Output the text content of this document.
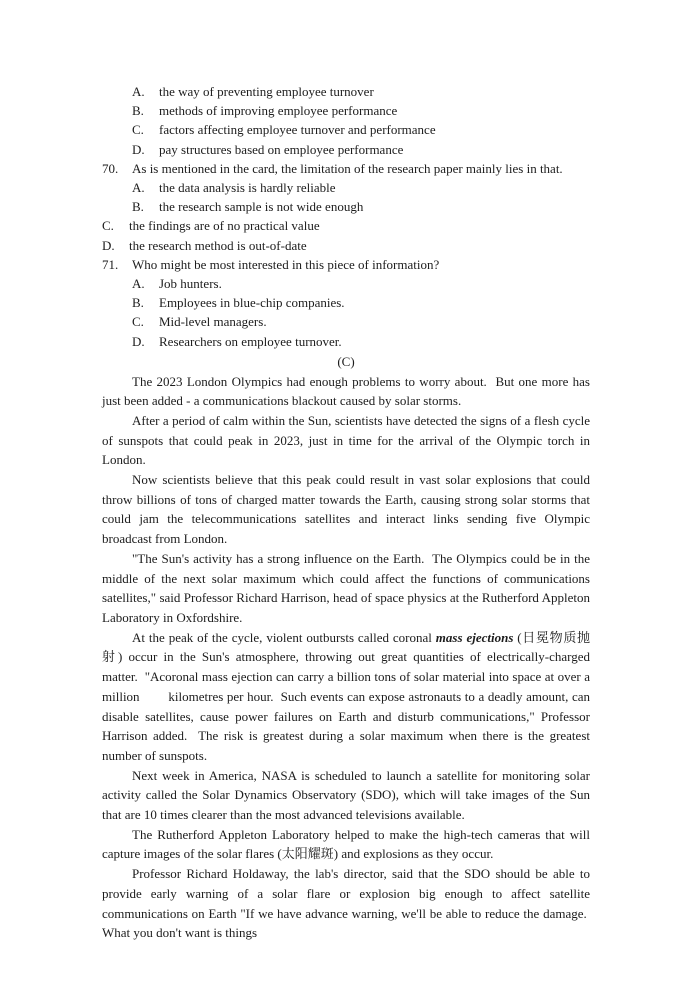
A. the way of preventing employee turnover
B. methods of improving employee performance
C. factors affecting employee turnover and performance
D. pay structures based on employee performance
70. As is mentioned in the card, the limitation of the research paper mainly lies in that.
A. the data analysis is hardly reliable
B. the research sample is not wide enough
C. the findings are of no practical value
D. the research method is out-of-date
71. Who might be most interested in this piece of information?
A. Job hunters.
B. Employees in blue-chip companies.
C. Mid-level managers.
D. Researchers on employee turnover.
(C)

The 2023 London Olympics had enough problems to worry about.  But one more has just been added - a communications blackout caused by solar storms.

After a period of calm within the Sun, scientists have detected the signs of a flesh cycle of sunspots that could peak in 2023, just in time for the arrival of the Olympic torch in London.

Now scientists believe that this peak could result in vast solar explosions that could throw billions of tons of charged matter towards the Earth, causing strong solar storms that could jam the telecommunications satellites and interact links sending five Olympic broadcast from London.

"The Sun's activity has a strong influence on the Earth.  The Olympics could be in the middle of the next solar maximum which could affect the functions of communications satellites," said Professor Richard Harrison, head of space physics at the Rutherford Appleton Laboratory in Oxfordshire.

At the peak of the cycle, violent outbursts called coronal mass ejections (日冕物质抛射) occur in the Sun's atmosphere, throwing out great quantities of electrically-charged matter.  "Acoronal mass ejection can carry a billion tons of solar material into space at over a million        kilometres per hour.  Such events can expose astronauts to a deadly amount, can disable satellites, cause power failures on Earth and disturb communications," Professor Harrison added.  The risk is greatest during a solar maximum when there is the greatest number of sunspots.

Next week in America, NASA is scheduled to launch a satellite for monitoring solar activity called the Solar Dynamics Observatory (SDO), which will take images of the Sun that are 10 times clearer than the most advanced televisions available.

The Rutherford Appleton Laboratory helped to make the high-tech cameras that will capture images of the solar flares (太阳耀斑) and explosions as they occur.

Professor Richard Holdaway, the lab's director, said that the SDO should be able to provide early warning of a solar flare or explosion big enough to affect satellite communications on Earth "If we have advance warning, we'll be able to reduce the damage.  What you don't want is things
